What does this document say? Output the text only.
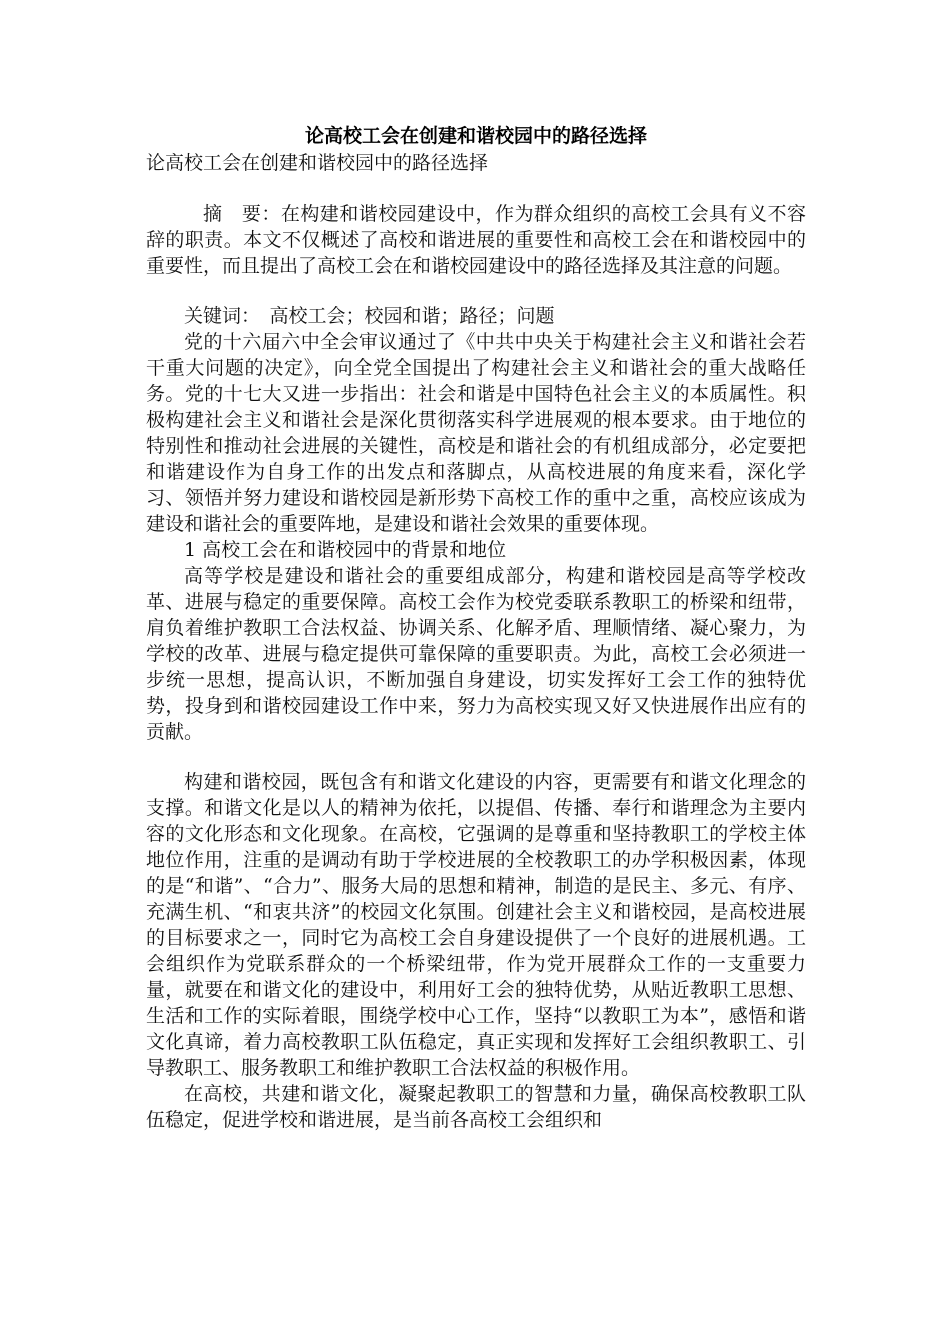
论高校工会在创建和谐校园中的路径选择

论高校工会在创建和谐校园中的路径选择

摘　要：在构建和谐校园建设中，作为群众组织的高校工会具有义不容辞的职责。本文不仅概述了高校和谐进展的重要性和高校工会在和谐校园中的重要性，而且提出了高校工会在和谐校园建设中的路径选择及其注意的问题。

关键词：　高校工会；校园和谐；路径；问题

党的十六届六中全会审议通过了《中共中央关于构建社会主义和谐社会若干重大问题的决定》，向全党全国提出了构建社会主义和谐社会的重大战略任务。党的十七大又进一步指出：社会和谐是中国特色社会主义的本质属性。积极构建社会主义和谐社会是深化贯彻落实科学进展观的根本要求。由于地位的特别性和推动社会进展的关键性，高校是和谐社会的有机组成部分，必定要把和谐建设作为自身工作的出发点和落脚点，从高校进展的角度来看，深化学习、领悟并努力建设和谐校园是新形势下高校工作的重中之重，高校应该成为建设和谐社会的重要阵地，是建设和谐社会效果的重要体现。

1 高校工会在和谐校园中的背景和地位

高等学校是建设和谐社会的重要组成部分，构建和谐校园是高等学校改革、进展与稳定的重要保障。高校工会作为校党委联系教职工的桥梁和纽带，肩负着维护教职工合法权益、协调关系、化解矛盾、理顺情绪、凝心聚力，为学校的改革、进展与稳定提供可靠保障的重要职责。为此，高校工会必须进一步统一思想，提高认识，不断加强自身建设，切实发挥好工会工作的独特优势，投身到和谐校园建设工作中来，努力为高校实现又好又快进展作出应有的贡献。

构建和谐校园，既包含有和谐文化建设的内容，更需要有和谐文化理念的支撑。和谐文化是以人的精神为依托，以提倡、传播、奉行和谐理念为主要内容的文化形态和文化现象。在高校，它强调的是尊重和坚持教职工的学校主体地位作用，注重的是调动有助于学校进展的全校教职工的办学积极因素，体现的是“和谐”、“合力”、服务大局的思想和精神，制造的是民主、多元、有序、充满生机、“和衷共济”的校园文化氛围。创建社会主义和谐校园，是高校进展的目标要求之一，同时它为高校工会自身建设提供了一个良好的进展机遇。工会组织作为党联系群众的一个桥梁纽带，作为党开展群众工作的一支重要力量，就要在和谐文化的建设中，利用好工会的独特优势，从贴近教职工思想、生活和工作的实际着眼，围绕学校中心工作，坚持“以教职工为本”，感悟和谐文化真谛，着力高校教职工队伍稳定，真正实现和发挥好工会组织教职工、引导教职工、服务教职工和维护教职工合法权益的积极作用。

在高校，共建和谐文化，凝聚起教职工的智慧和力量，确保高校教职工队伍稳定，促进学校和谐进展，是当前各高校工会组织和
